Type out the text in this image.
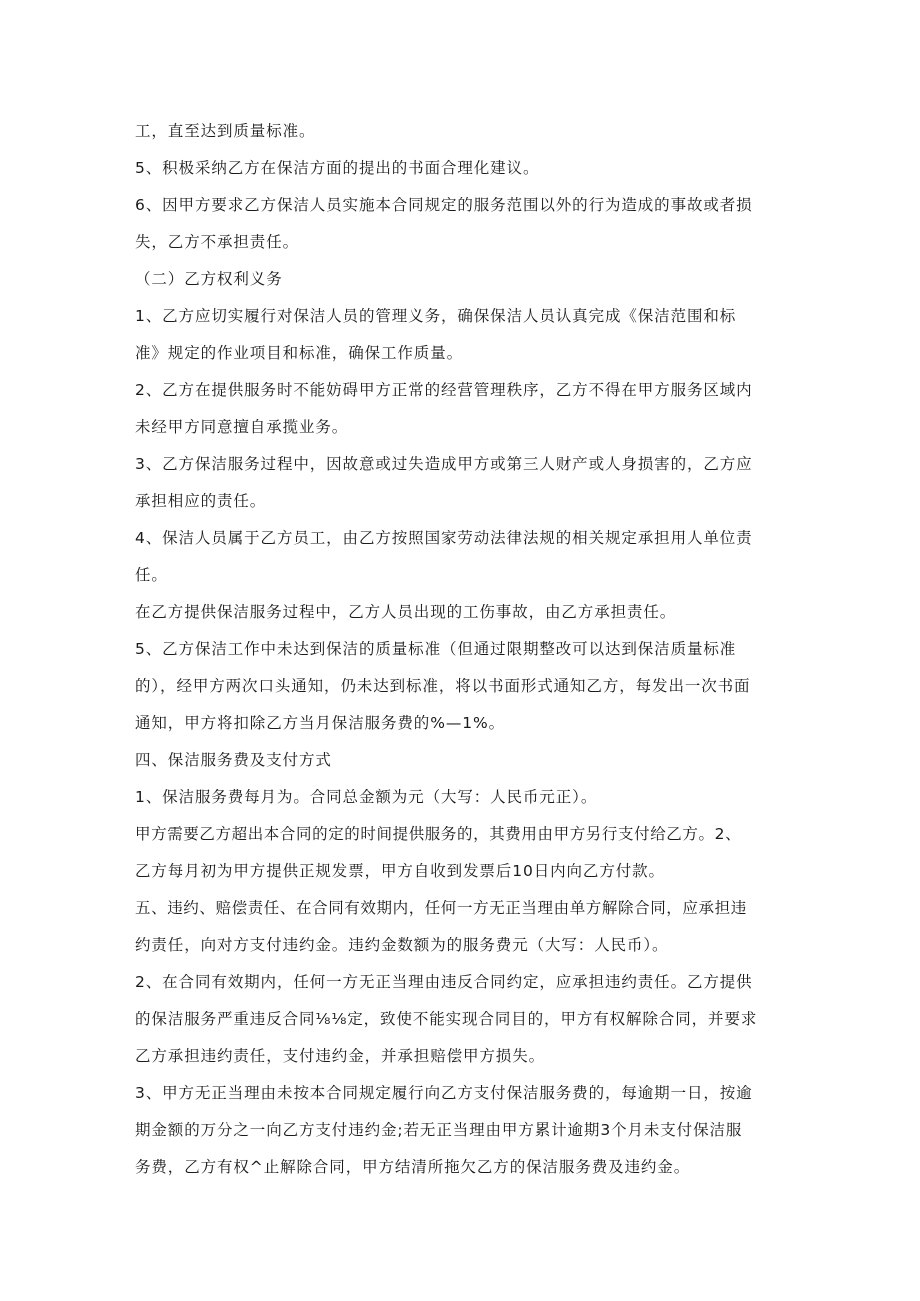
工，直至达到质量标准。
5、积极采纳乙方在保洁方面的提出的书面合理化建议。
6、因甲方要求乙方保洁人员实施本合同规定的服务范围以外的行为造成的事故或者损
失，乙方不承担责任。
（二）乙方权利义务
1、乙方应切实履行对保洁人员的管理义务，确保保洁人员认真完成《保洁范围和标
准》规定的作业项目和标准，确保工作质量。
2、乙方在提供服务时不能妨碍甲方正常的经营管理秩序，乙方不得在甲方服务区域内
未经甲方同意擅自承揽业务。
3、乙方保洁服务过程中，因故意或过失造成甲方或第三人财产或人身损害的，乙方应
承担相应的责任。
4、保洁人员属于乙方员工，由乙方按照国家劳动法律法规的相关规定承担用人单位责
任。
在乙方提供保洁服务过程中，乙方人员出现的工伤事故，由乙方承担责任。
5、乙方保洁工作中未达到保洁的质量标准（但通过限期整改可以达到保洁质量标准
的），经甲方两次口头通知，仍未达到标准，将以书面形式通知乙方，每发出一次书面
通知，甲方将扣除乙方当月保洁服务费的%—1%。
四、保洁服务费及支付方式
1、保洁服务费每月为。合同总金额为元（大写：人民币元正）。
甲方需要乙方超出本合同的定的时间提供服务的，其费用由甲方另行支付给乙方。2、
乙方每月初为甲方提供正规发票，甲方自收到发票后10日内向乙方付款。
五、违约、赔偿责任、在合同有效期内，任何一方无正当理由单方解除合同，应承担违
约责任，向对方支付违约金。违约金数额为的服务费元（大写：人民币）。
2、在合同有效期内，任何一方无正当理由违反合同约定，应承担违约责任。乙方提供
的保洁服务严重违反合同⅛⅛定，致使不能实现合同目的，甲方有权解除合同，并要求
乙方承担违约责任，支付违约金，并承担赔偿甲方损失。
3、甲方无正当理由未按本合同规定履行向乙方支付保洁服务费的，每逾期一日，按逾
期金额的万分之一向乙方支付违约金;若无正当理由甲方累计逾期3个月未支付保洁服
务费，乙方有权^止解除合同，甲方结清所拖欠乙方的保洁服务费及违约金。
